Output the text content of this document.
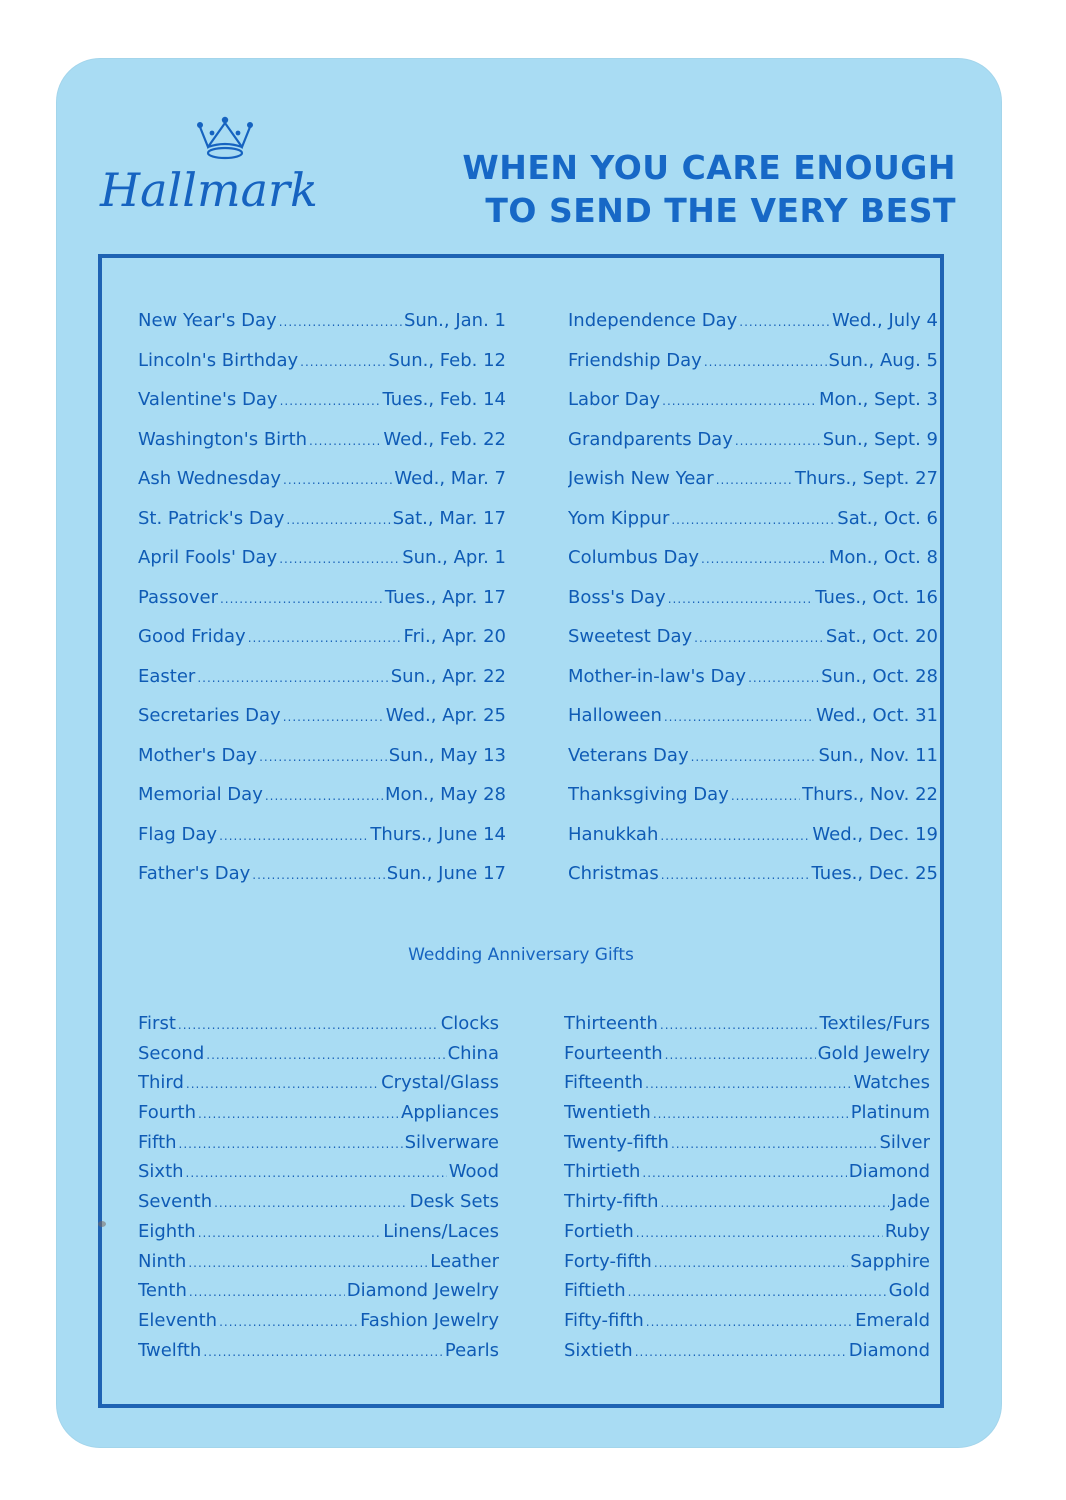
Hallmark	WHEN YOU CARE ENOUGH
TO SEND THE VERY BEST
New Year's Day .....	Sun., Jan. 1
Lincoln's Birthday .....	Sun., Feb. 12
Valentine's Day .....	Tues., Feb. 14
Washington's Birth .....	Wed., Feb. 22
Ash Wednesday .....	Wed., Mar. 7
St. Patrick's Day .....	Sat., Mar. 17
April Fools' Day .....	Sun., Apr. 1
Passover .....	Tues., Apr. 17
Good Friday .....	Fri., Apr. 20
Easter .....	Sun., Apr. 22
Secretaries Day .....	Wed., Apr. 25
Mother's Day .....	Sun., May 13
Memorial Day .....	Mon., May 28
Flag Day .....	Thurs., June 14
Father's Day .....	Sun., June 17
Independence Day .....	Wed., July 4
Friendship Day .....	Sun., Aug. 5
Labor Day .....	Mon., Sept. 3
Grandparents Day .....	Sun., Sept. 9
Jewish New Year .....	Thurs., Sept. 27
Yom Kippur .....	Sat., Oct. 6
Columbus Day .....	Mon., Oct. 8
Boss's Day .....	Tues., Oct. 16
Sweetest Day .....	Sat., Oct. 20
Mother-in-law's Day .....	Sun., Oct. 28
Halloween .....	Wed., Oct. 31
Veterans Day .....	Sun., Nov. 11
Thanksgiving Day .....	Thurs., Nov. 22
Hanukkah .....	Wed., Dec. 19
Christmas .....	Tues., Dec. 25
Wedding Anniversary Gifts
First .....	Clocks
Second .....	China
Third .....	Crystal/Glass
Fourth .....	Appliances
Fifth .....	Silverware
Sixth .....	Wood
Seventh .....	Desk Sets
Eighth .....	Linens/Laces
Ninth .....	Leather
Tenth .....	Diamond Jewelry
Eleventh .....	Fashion Jewelry
Twelfth .....	Pearls
Thirteenth .....	Textiles/Furs
Fourteenth .....	Gold Jewelry
Fifteenth .....	Watches
Twentieth .....	Platinum
Twenty-fifth .....	Silver
Thirtieth .....	Diamond
Thirty-fifth .....	Jade
Fortieth .....	Ruby
Forty-fifth .....	Sapphire
Fiftieth .....	Gold
Fifty-fifth .....	Emerald
Sixtieth .....	Diamond
